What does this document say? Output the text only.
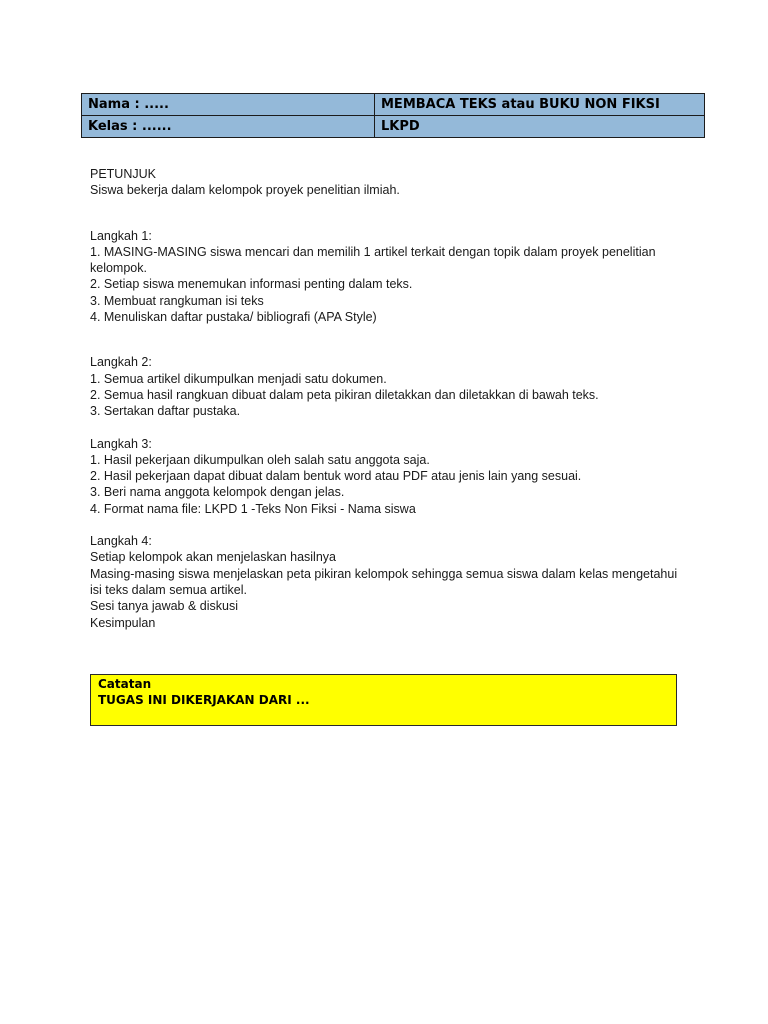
Nama : .....	MEMBACA TEKS atau BUKU NON FIKSI
Kelas : ......	LKPD

PETUNJUK

Siswa bekerja dalam kelompok proyek penelitian ilmiah.

Langkah 1:

1. MASING-MASING siswa mencari dan memilih 1 artikel terkait dengan topik dalam proyek penelitian kelompok.

2. Setiap siswa menemukan informasi penting dalam teks.

3. Membuat rangkuman isi teks

4. Menuliskan daftar pustaka/ bibliografi (APA Style)

Langkah 2:

1. Semua artikel dikumpulkan menjadi satu dokumen.

2. Semua hasil rangkuan dibuat dalam peta pikiran diletakkan dan diletakkan di bawah teks.

3. Sertakan daftar pustaka.

Langkah 3:

1. Hasil pekerjaan dikumpulkan oleh salah satu anggota saja.

2. Hasil pekerjaan dapat dibuat dalam bentuk word atau PDF atau jenis lain yang sesuai.

3. Beri nama anggota kelompok dengan jelas.

4. Format nama file: LKPD 1 -Teks Non Fiksi - Nama siswa

Langkah 4:

Setiap kelompok akan menjelaskan hasilnya

Masing-masing siswa menjelaskan peta pikiran kelompok sehingga semua siswa dalam kelas mengetahui isi teks dalam semua artikel.

Sesi tanya jawab & diskusi

Kesimpulan

Catatan
TUGAS INI DIKERJAKAN DARI ...
